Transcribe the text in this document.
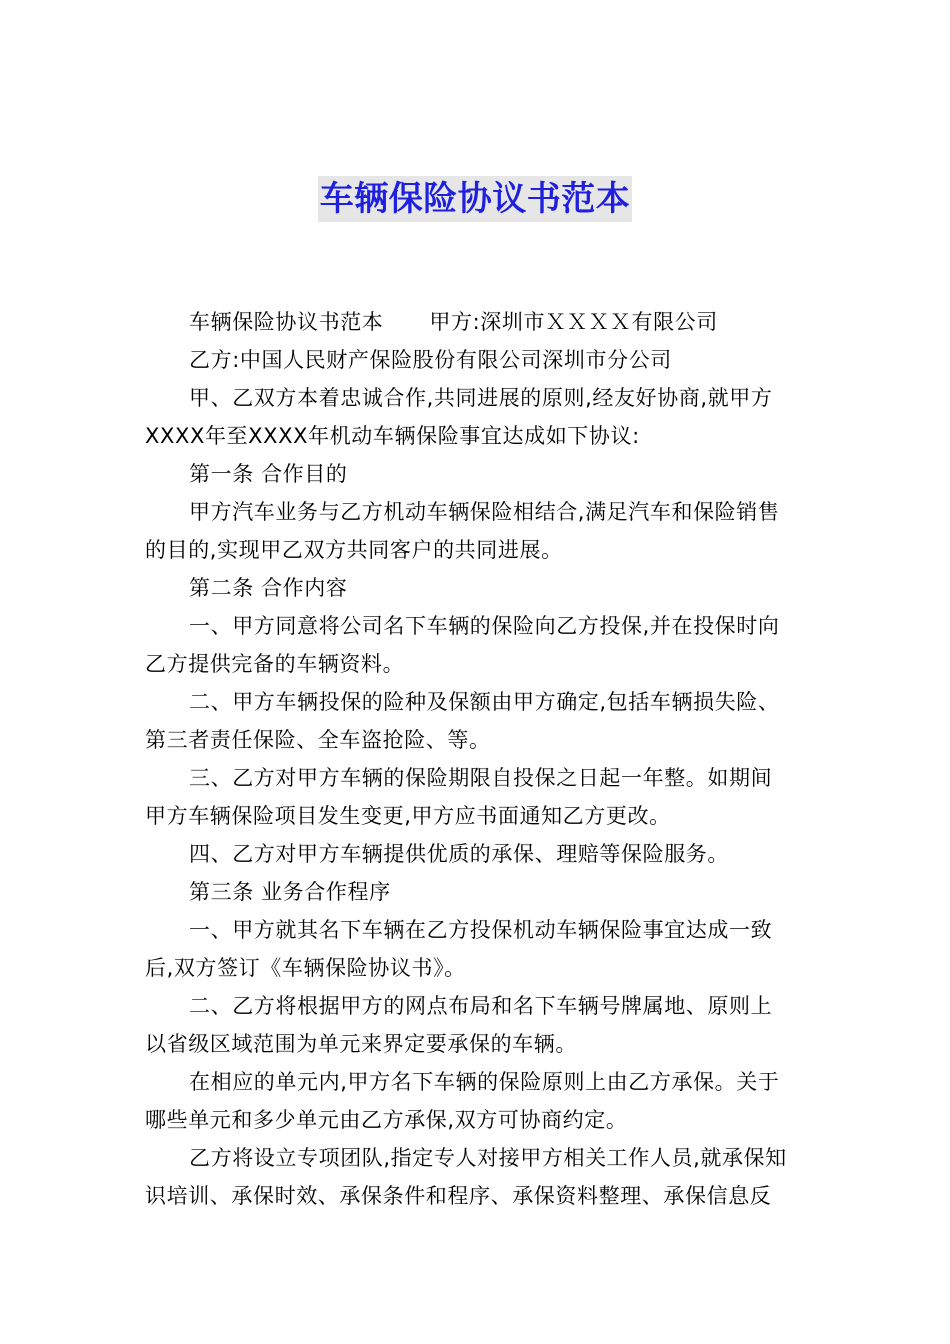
车辆保险协议书范本
车辆保险协议书范本 甲方:深圳市ＸＸＸＸ有限公司
乙方:中国人民财产保险股份有限公司深圳市分公司
甲、乙双方本着忠诚合作,共同进展的原则,经友好协商,就甲方
XXXX年至XXXX年机动车辆保险事宜达成如下协议:
第一条 合作目的
甲方汽车业务与乙方机动车辆保险相结合,满足汽车和保险销售
的目的,实现甲乙双方共同客户的共同进展。
第二条 合作内容
一、甲方同意将公司名下车辆的保险向乙方投保,并在投保时向
乙方提供完备的车辆资料。
二、甲方车辆投保的险种及保额由甲方确定,包括车辆损失险、
第三者责任保险、全车盗抢险、等。
三、乙方对甲方车辆的保险期限自投保之日起一年整。如期间
甲方车辆保险项目发生变更,甲方应书面通知乙方更改。
四、乙方对甲方车辆提供优质的承保、理赔等保险服务。
第三条 业务合作程序
一、甲方就其名下车辆在乙方投保机动车辆保险事宜达成一致
后,双方签订《车辆保险协议书》。
二、乙方将根据甲方的网点布局和名下车辆号牌属地、原则上
以省级区域范围为单元来界定要承保的车辆。
在相应的单元内,甲方名下车辆的保险原则上由乙方承保。关于
哪些单元和多少单元由乙方承保,双方可协商约定。
乙方将设立专项团队,指定专人对接甲方相关工作人员,就承保知
识培训、承保时效、承保条件和程序、承保资料整理、承保信息反
